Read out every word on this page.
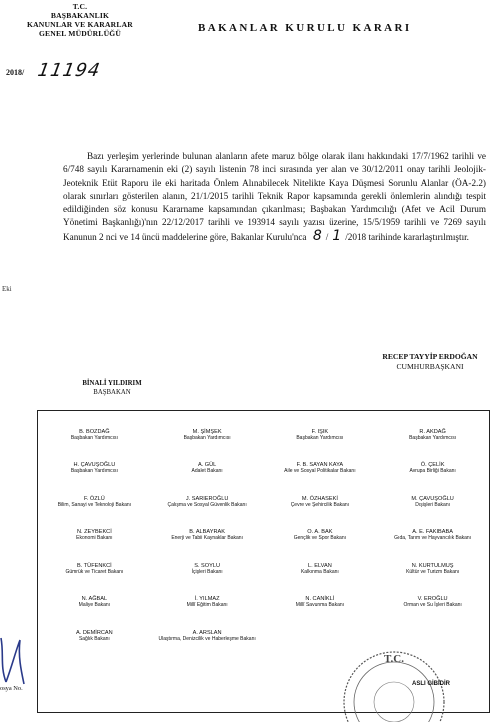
T.C.
BAŞBAKANLIK
KANUNLAR VE KARARLAR
GENEL MÜDÜRLÜĞÜ	BAKANLAR KURULU KARARI
2018/ 11194

Bazı yerleşim yerlerinde bulunan alanların afete maruz bölge olarak ilanı hakkındaki 17/7/1962 tarihli ve 6/748 sayılı Kararnamenin eki (2) sayılı listenin 78 inci sırasında yer alan ve 30/12/2011 onay tarihli Jeolojik-Jeoteknik Etüt Raporu ile eki haritada Önlem Alınabilecek Nitelikte Kaya Düşmesi Sorunlu Alanlar (ÖA-2.2) olarak sınırları gösterilen alanın, 21/1/2015 tarihli Teknik Rapor kapsamında gerekli önlemlerin alındığı tespit edildiğinden söz konusu Kararname kapsamından çıkarılması; Başbakan Yardımcılığı (Afet ve Acil Durum Yönetimi Başkanlığı)'nın 22/12/2017 tarihli ve 193914 sayılı yazısı üzerine, 15/5/1959 tarihli ve 7269 sayılı Kanunun 2 nci ve 14 üncü maddelerine göre, Bakanlar Kurulu'nca 8 / 1 /2018 tarihinde kararlaştırılmıştır.

Eki
RECEP TAYYİP ERDOĞAN
CUMHURBAŞKANI
BİNALİ YILDIRIM
BAŞBAKAN
B. BOZDAĞ
Başbakan Yardımcısı
M. ŞİMŞEK
Başbakan Yardımcısı
F. IŞIK
Başbakan Yardımcısı
R. AKDAĞ
Başbakan Yardımcısı
H. ÇAVUŞOĞLU
Başbakan Yardımcısı
A. GÜL
Adalet Bakanı
F. B. SAYAN KAYA
Aile ve Sosyal Politikalar Bakanı
Ö. ÇELİK
Avrupa Birliği Bakanı
F. ÖZLÜ
Bilim, Sanayi ve Teknoloji Bakanı
J. SARIEROĞLU
Çalışma ve Sosyal Güvenlik Bakanı
M. ÖZHASEKİ
Çevre ve Şehircilik Bakanı
M. ÇAVUŞOĞLU
Dışişleri Bakanı
N. ZEYBEKCİ
Ekonomi Bakanı
B. ALBAYRAK
Enerji ve Tabii Kaynaklar Bakanı
O. A. BAK
Gençlik ve Spor Bakanı
A. E. FAKIBABA
Gıda, Tarım ve Hayvancılık Bakanı
B. TÜFENKCİ
Gümrük ve Ticaret Bakanı
S. SOYLU
İçişleri Bakanı
L. ELVAN
Kalkınma Bakanı
N. KURTULMUŞ
Kültür ve Turizm Bakanı
N. AĞBAL
Maliye Bakanı
İ. YILMAZ
Millî Eğitim Bakanı
N. CANİKLİ
Millî Savunma Bakanı
V. EROĞLU
Orman ve Su İşleri Bakanı
A. DEMİRCAN
Sağlık Bakanı
A. ARSLAN
Ulaştırma, Denizcilik ve Haberleşme Bakanı
T.C.
ASLI GİBİDİR
osya No.
